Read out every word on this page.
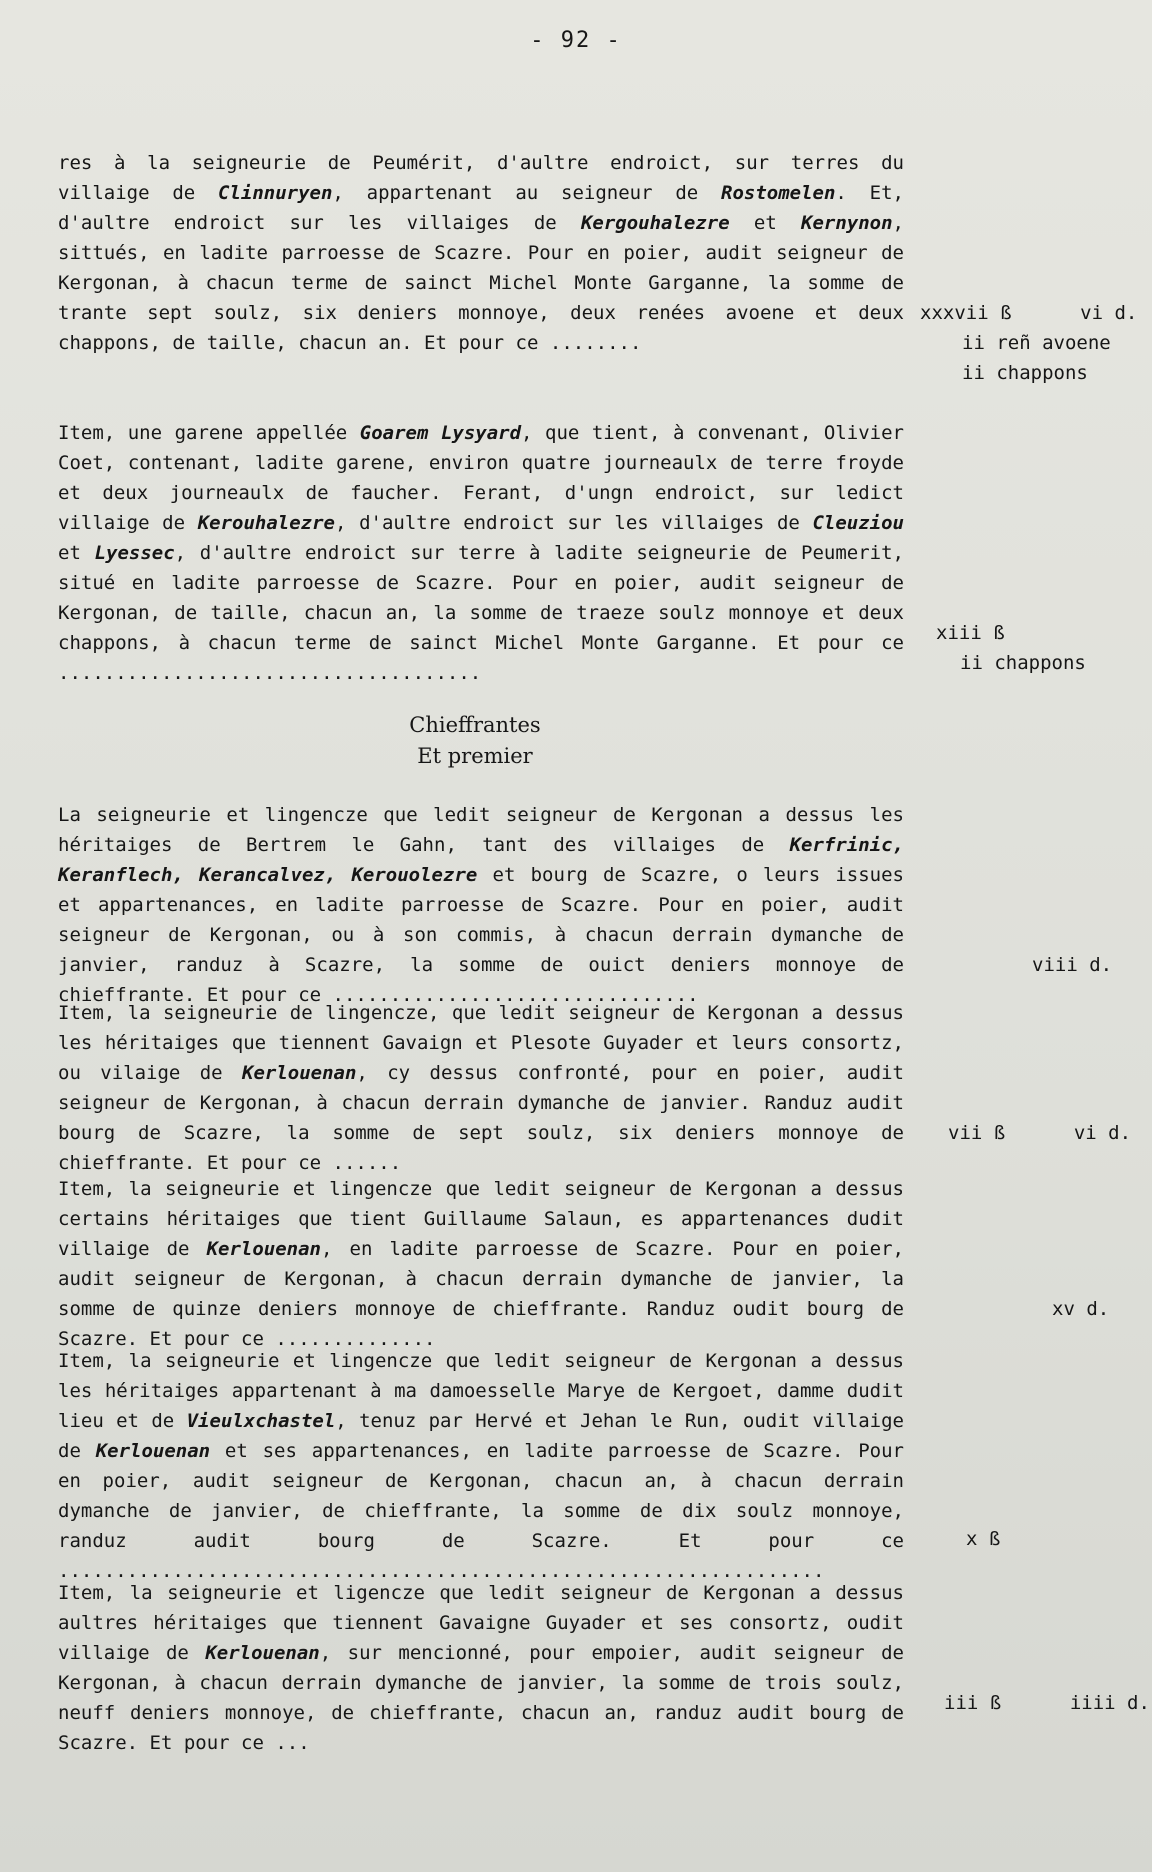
- 92 -

res à la seigneurie de Peumérit, d'aultre endroict, sur terres du villaige de Clinnuryen, appartenant au seigneur de Rostomelen. Et, d'aultre endroict sur les villaiges de Kergouhalezre et Kernynon, sittués, en ladite parroesse de Scazre. Pour en poier, audit seigneur de Kergonan, à chacun terme de sainct Michel Monte Garganne, la somme de trante sept soulz, six deniers monnoye, deux renées avoene et deux chappons, de taille, chacun an. Et pour ce ........

xxxvii ß      vi d.
ii reñ avoene
ii chappons

Item, une garene appellée Goarem Lysyard, que tient, à convenant, Olivier Coet, contenant, ladite garene, environ quatre journeaulx de terre froyde et deux journeaulx de faucher. Ferant, d'ungn endroict, sur ledict villaige de Kerouhalezre, d'aultre endroict sur les villaiges de Cleuziou et Lyessec, d'aultre endroict sur terre à ladite seigneurie de Peumerit, situé en ladite parroesse de Scazre. Pour en poier, audit seigneur de Kergonan, de taille, chacun an, la somme de traeze soulz monnoye et deux chappons, à chacun terme de sainct Michel Monte Garganne. Et pour ce .....................................

xiii ß
ii chappons
Chieffrantes
Et premier

La seigneurie et lingencze que ledit seigneur de Kergonan a dessus les héritaiges de Bertrem le Gahn, tant des villaiges de Kerfrinic, Keranflech, Kerancalvez, Kerouolezre et bourg de Scazre, o leurs issues et appartenances, en ladite parroesse de Scazre. Pour en poier, audit seigneur de Kergonan, ou à son commis, à chacun derrain dymanche de janvier, randuz à Scazre, la somme de ouict deniers monnoye de chieffrante. Et pour ce ................................

viii d.

Item, la seigneurie de lingencze, que ledit seigneur de Kergonan a dessus les héritaiges que tiennent Gavaign et Plesote Guyader et leurs consortz, ou vilaige de Kerlouenan, cy dessus confronté, pour en poier, audit seigneur de Kergonan, à chacun derrain dymanche de janvier. Randuz audit bourg de Scazre, la somme de sept soulz, six deniers monnoye de chieffrante. Et pour ce ......

vii ß      vi d.

Item, la seigneurie et lingencze que ledit seigneur de Kergonan a dessus certains héritaiges que tient Guillaume Salaun, es appartenances dudit villaige de Kerlouenan, en ladite parroesse de Scazre. Pour en poier, audit seigneur de Kergonan, à chacun derrain dymanche de janvier, la somme de quinze deniers monnoye de chieffrante. Randuz oudit bourg de Scazre. Et pour ce ..............

xv d.

Item, la seigneurie et lingencze que ledit seigneur de Kergonan a dessus les héritaiges appartenant à ma damoesselle Marye de Kergoet, damme dudit lieu et de Vieulxchastel, tenuz par Hervé et Jehan le Run, oudit villaige de Kerlouenan et ses appartenances, en ladite parroesse de Scazre. Pour en poier, audit seigneur de Kergonan, chacun an, à chacun derrain dymanche de janvier, de chieffrante, la somme de dix soulz monnoye, randuz audit bourg de Scazre. Et pour ce ...................................................................

x ß

Item, la seigneurie et ligencze que ledit seigneur de Kergonan a dessus aultres héritaiges que tiennent Gavaigne Guyader et ses consortz, oudit villaige de Kerlouenan, sur mencionné, pour empoier, audit seigneur de Kergonan, à chacun derrain dymanche de janvier, la somme de trois soulz, neuff deniers monnoye, de chieffrante, chacun an, randuz audit bourg de Scazre. Et pour ce ...

iii ß      iiii d.
